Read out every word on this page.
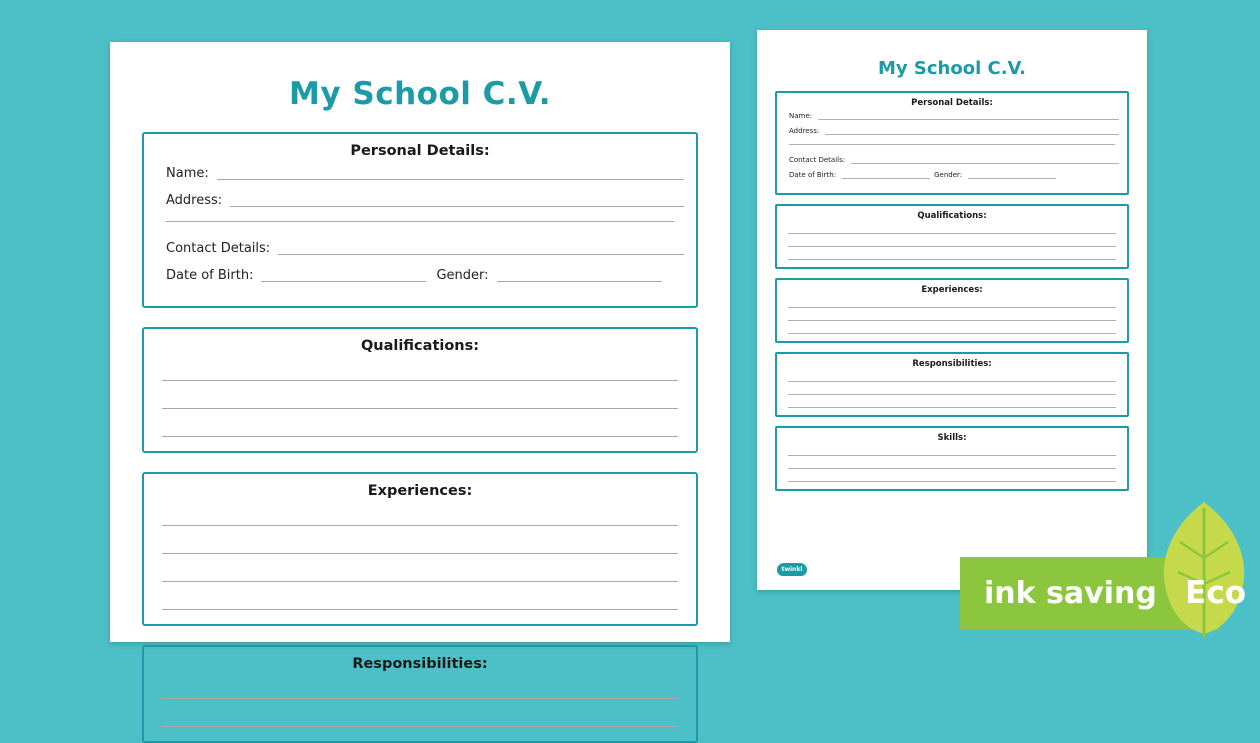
My School C.V.
Personal Details:
Name:
Address:
Contact Details:
Date of Birth:	Gender:
Qualifications:
Experiences:
Responsibilities:
My School C.V.
Personal Details:
Name:
Address:
Contact Details:
Date of Birth:	Gender:
Qualifications:
Experiences:
Responsibilities:
Skills:
twinkl
ink saving Eco
